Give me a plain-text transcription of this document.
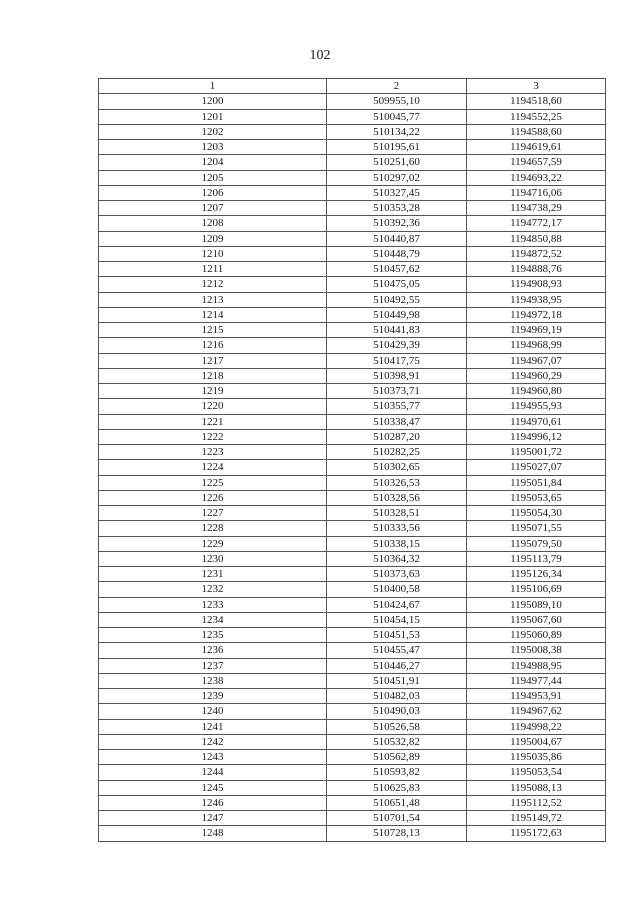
102
1	2	3
1200	509955,10	1194518,60
1201	510045,77	1194552,25
1202	510134,22	1194588,60
1203	510195,61	1194619,61
1204	510251,60	1194657,59
1205	510297,02	1194693,22
1206	510327,45	1194716,06
1207	510353,28	1194738,29
1208	510392,36	1194772,17
1209	510440,87	1194850,88
1210	510448,79	1194872,52
1211	510457,62	1194888,76
1212	510475,05	1194908,93
1213	510492,55	1194938,95
1214	510449,98	1194972,18
1215	510441,83	1194969,19
1216	510429,39	1194968,99
1217	510417,75	1194967,07
1218	510398,91	1194960,29
1219	510373,71	1194960,80
1220	510355,77	1194955,93
1221	510338,47	1194970,61
1222	510287,20	1194996,12
1223	510282,25	1195001,72
1224	510302,65	1195027,07
1225	510326,53	1195051,84
1226	510328,56	1195053,65
1227	510328,51	1195054,30
1228	510333,56	1195071,55
1229	510338,15	1195079,50
1230	510364,32	1195113,79
1231	510373,63	1195126,34
1232	510400,58	1195106,69
1233	510424,67	1195089,10
1234	510454,15	1195067,60
1235	510451,53	1195060,89
1236	510455,47	1195008,38
1237	510446,27	1194988,95
1238	510451,91	1194977,44
1239	510482,03	1194953,91
1240	510490,03	1194967,62
1241	510526,58	1194998,22
1242	510532,82	1195004,67
1243	510562,89	1195035,86
1244	510593,82	1195053,54
1245	510625,83	1195088,13
1246	510651,48	1195112,52
1247	510701,54	1195149,72
1248	510728,13	1195172,63
